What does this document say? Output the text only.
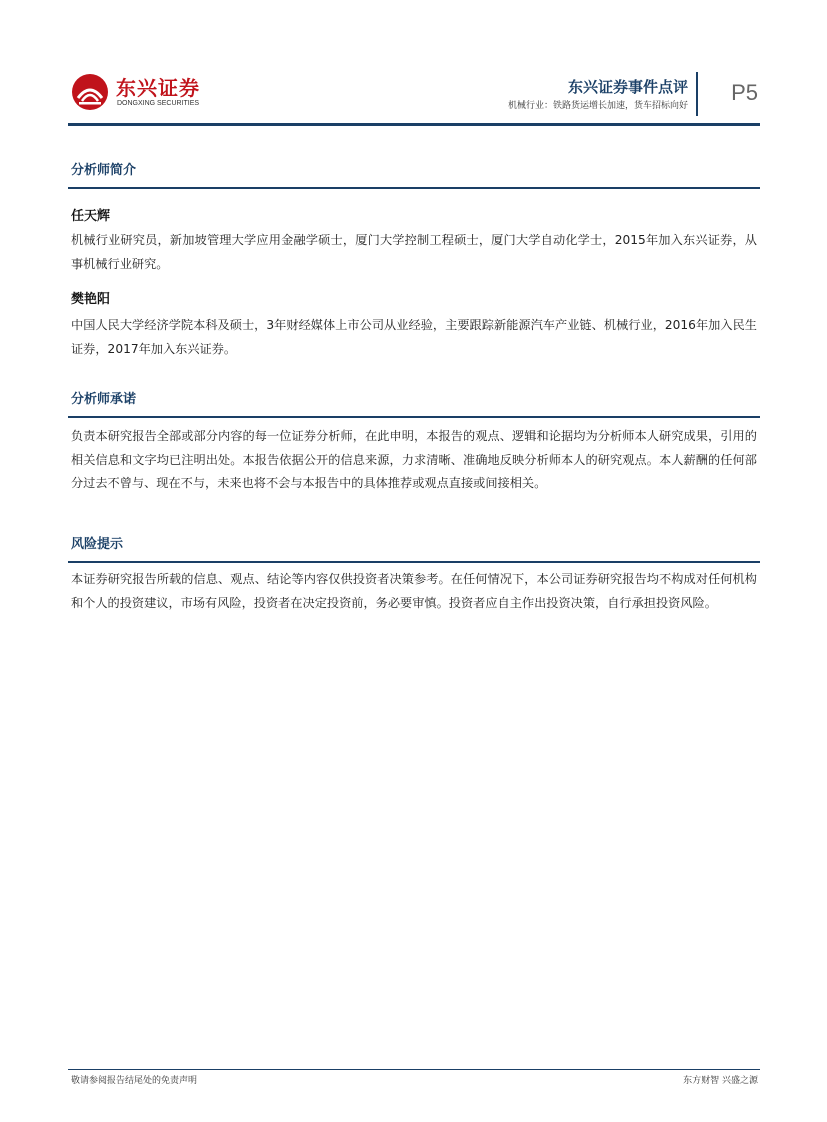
东兴证券
DONGXING SECURITIES
东兴证券事件点评
机械行业：铁路货运增长加速，货车招标向好
P5
分析师简介
任天辉

机械行业研究员，新加坡管理大学应用金融学硕士，厦门大学控制工程硕士，厦门大学自动化学士，2015年加入东兴证券，从事机械行业研究。

樊艳阳

中国人民大学经济学院本科及硕士，3年财经媒体上市公司从业经验，主要跟踪新能源汽车产业链、机械行业，2016年加入民生证券，2017年加入东兴证券。

分析师承诺

负责本研究报告全部或部分内容的每一位证券分析师，在此申明，本报告的观点、逻辑和论据均为分析师本人研究成果，引用的相关信息和文字均已注明出处。本报告依据公开的信息来源，力求清晰、准确地反映分析师本人的研究观点。本人薪酬的任何部分过去不曾与、现在不与，未来也将不会与本报告中的具体推荐或观点直接或间接相关。

风险提示

本证券研究报告所载的信息、观点、结论等内容仅供投资者决策参考。在任何情况下，本公司证券研究报告均不构成对任何机构和个人的投资建议，市场有风险，投资者在决定投资前，务必要审慎。投资者应自主作出投资决策，自行承担投资风险。

敬请参阅报告结尾处的免责声明	东方财智 兴盛之源
